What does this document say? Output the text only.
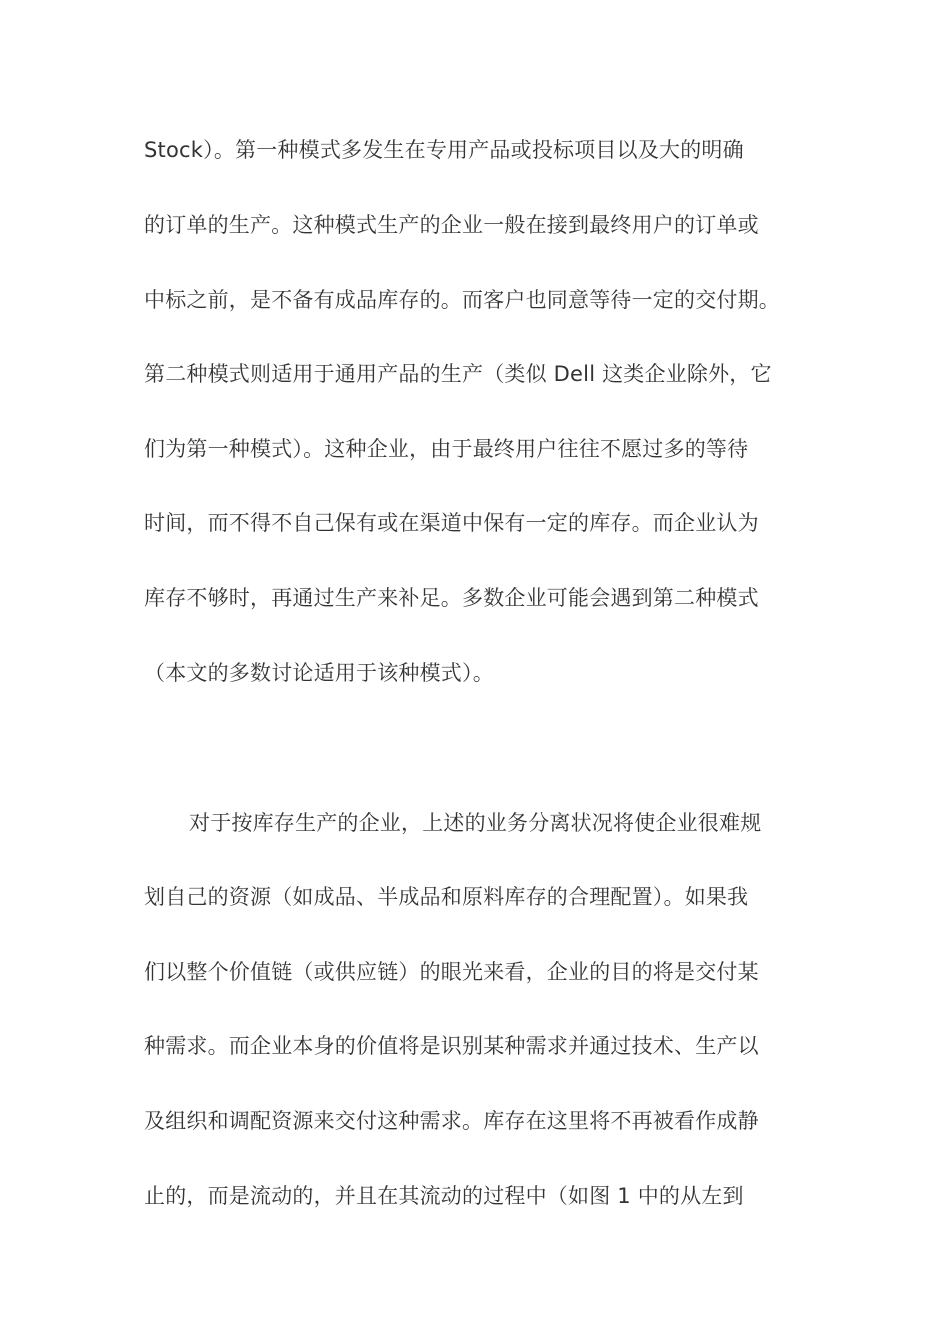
Stock）。第一种模式多发生在专用产品或投标项目以及大的明确
的订单的生产。这种模式生产的企业一般在接到最终用户的订单或
中标之前，是不备有成品库存的。而客户也同意等待一定的交付期。
第二种模式则适用于通用产品的生产（类似 Dell 这类企业除外，它
们为第一种模式）。这种企业，由于最终用户往往不愿过多的等待
时间，而不得不自己保有或在渠道中保有一定的库存。而企业认为
库存不够时，再通过生产来补足。多数企业可能会遇到第二种模式
（本文的多数讨论适用于该种模式）。
对于按库存生产的企业，上述的业务分离状况将使企业很难规
划自己的资源（如成品、半成品和原料库存的合理配置）。如果我
们以整个价值链（或供应链）的眼光来看，企业的目的将是交付某
种需求。而企业本身的价值将是识别某种需求并通过技术、生产以
及组织和调配资源来交付这种需求。库存在这里将不再被看作成静
止的，而是流动的，并且在其流动的过程中（如图 1 中的从左到
